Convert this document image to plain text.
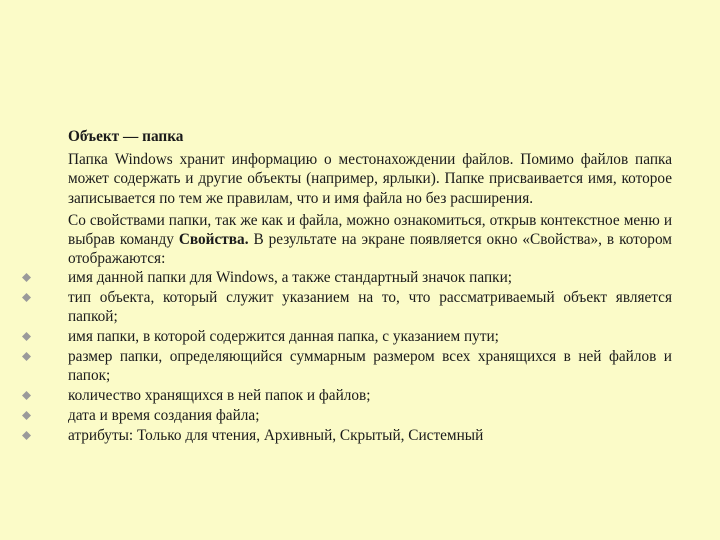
Объект — папка

Папка Windows хранит информацию о местонахождении файлов. Помимо файлов папка может содержать и другие объекты (например, ярлыки). Папке присваивается имя, которое записывается по тем же правилам, что и имя файла но без расширения.

Со свойствами папки, так же как и файла, можно ознакомиться, открыв контекстное меню и выбрав команду Свойства. В результате на экране появляется окно «Свойства», в котором отображаются:

имя данной папки для Windows, а также стандартный значок папки;
тип объекта, который служит указанием на то, что рассматриваемый объект является папкой;
имя папки, в которой содержится данная папка, с указанием пути;
размер папки, определяющийся суммарным размером всех хранящихся в ней файлов и папок;
количество хранящихся в ней папок и файлов;
дата и время создания файла;
атрибуты: Только для чтения, Архивный, Скрытый, Системный
